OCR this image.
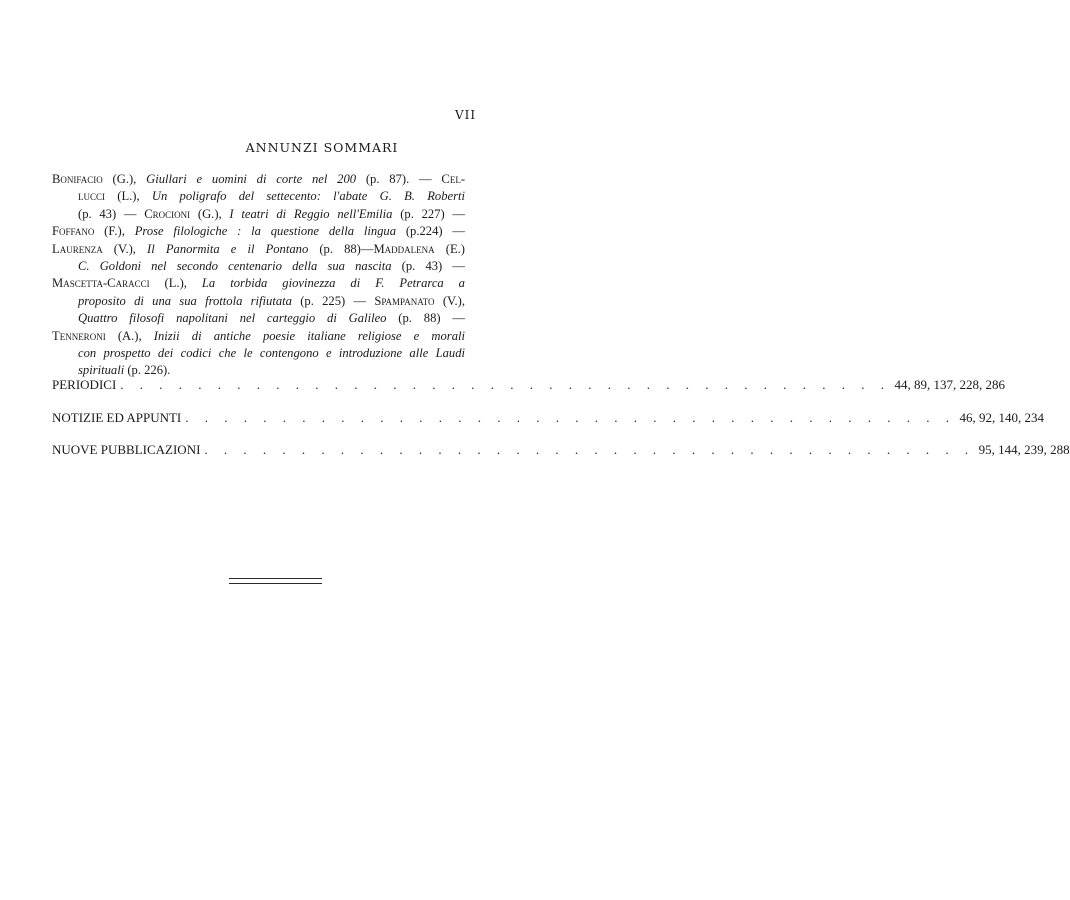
VII
ANNUNZI SOMMARI
Bonifacio (G.), Giullari e uomini di corte nel 200 (p. 87). — Cel-
lucci (L.), Un poligrafo del settecento: l'abate G. B. Roberti
(p. 43) — Crocioni (G.), I teatri di Reggio nell'Emilia (p. 227) —
Foffano (F.), Prose filologiche : la questione della lingua (p.224) —
Laurenza (V.), Il Panormita e il Pontano (p. 88)—Maddalena (E.)
C. Goldoni nel secondo centenario della sua nascita (p. 43) —
Mascetta-Caracci (L.), La torbida giovinezza di F. Petrarca a
proposito di una sua frottola rifiutata (p. 225) — Spampanato (V.),
Quattro filosofi napolitani nel carteggio di Galileo (p. 88) —
Tenneroni (A.), Inizii di antiche poesie italiane religiose e morali
con prospetto dei codici che le contengono e introduzione alle Laudi
spirituali (p. 226).
PERIODICI . . . . . . . . . . . . . . . . . . . . . . . . . . . . . . . . . . . . . . . . 44, 89, 137, 228, 286
NOTIZIE ED APPUNTI . . . . . . . . . . . . . . . . . . . . . . . . . . . . . . . . . . . . . . . . 46, 92, 140, 234
NUOVE PUBBLICAZIONI . . . . . . . . . . . . . . . . . . . . . . . . . . . . . . . . . . . . . . . . 95, 144, 239, 288
